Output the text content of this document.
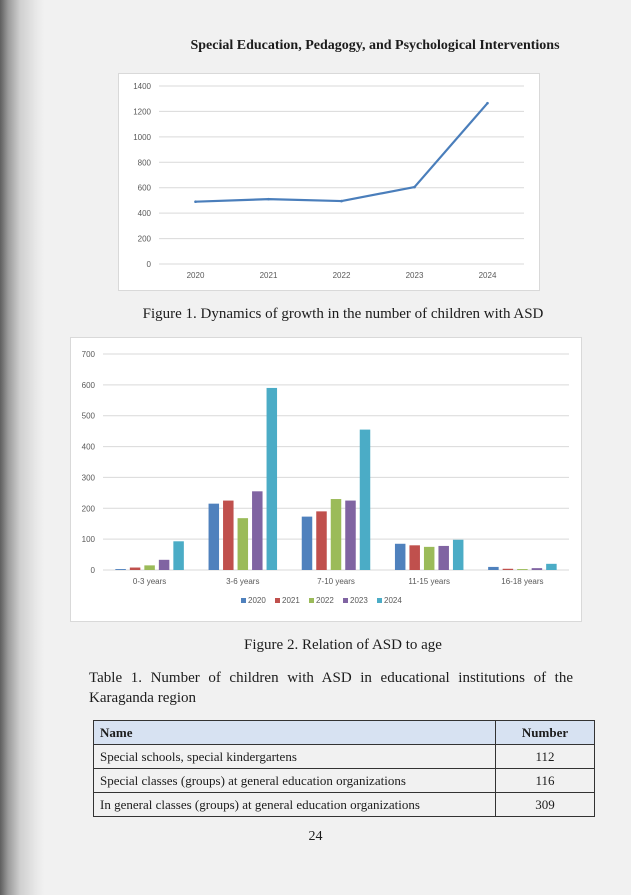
Special Education, Pedagogy, and Psychological Interventions
0
200
400
600
800
1000
1200
1400
2020	2021	2022	2023	2024
Figure 1. Dynamics of growth in the number of children with ASD
0
100
200
300
400
500
600
700
0-3 years	3-6 years	7-10 years	11-15 years	16-18 years
2020 2021 2022 2023 2024
Figure 2. Relation of ASD to age
Table 1. Number of children with ASD in educational institutions of the Karaganda region
Name	Number
Special schools, special kindergartens	112
Special classes (groups) at general education organizations	116
In general classes (groups) at general education organizations	309
24
